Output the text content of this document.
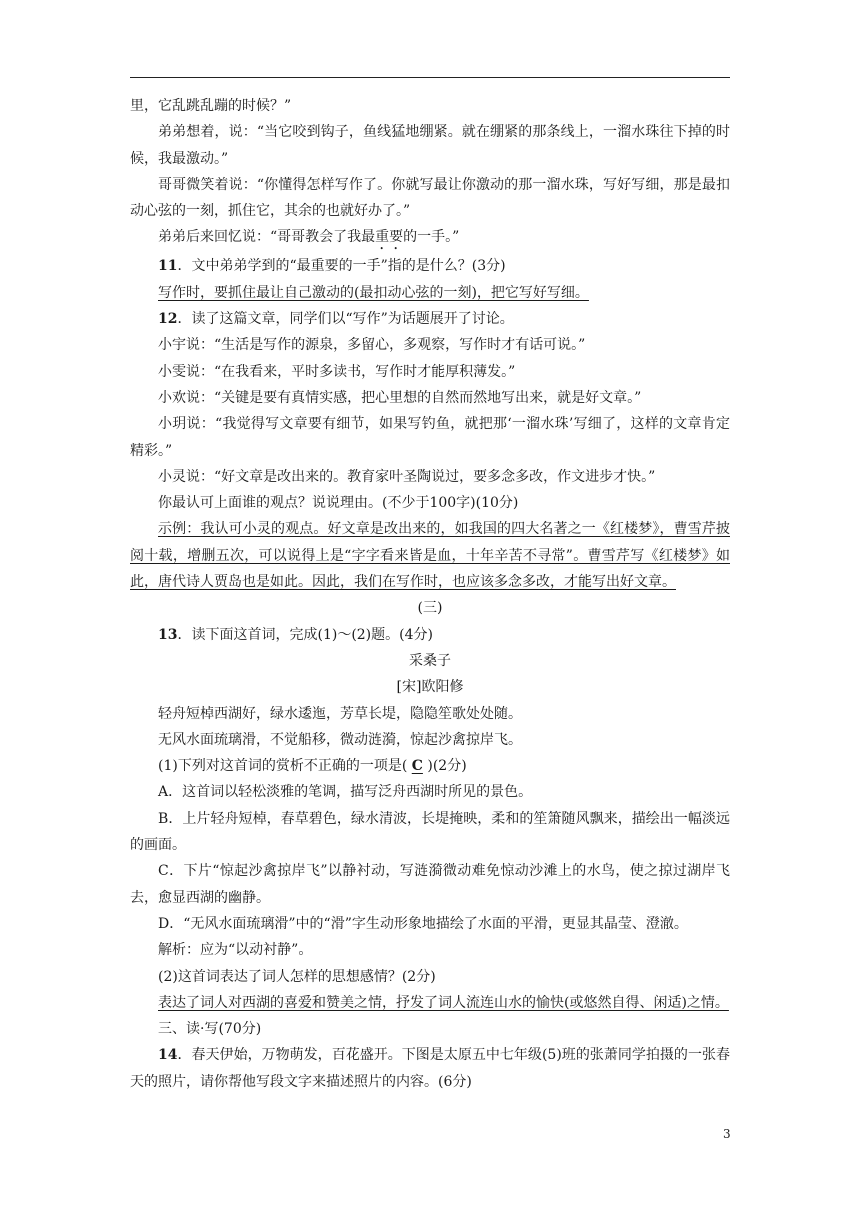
里，它乱跳乱蹦的时候？”

弟弟想着，说：“当它咬到钩子，鱼线猛地绷紧。就在绷紧的那条线上，一溜水珠往下掉的时候，我最激动。”

哥哥微笑着说：“你懂得怎样写作了。你就写最让你激动的那一溜水珠，写好写细，那是最扣动心弦的一刻，抓住它，其余的也就好办了。”

弟弟后来回忆说：“哥哥教会了我最重要的一手。”

11．文中弟弟学到的“最重要的一手”指的是什么？(3分)

写作时，要抓住最让自己激动的(最扣动心弦的一刻)，把它写好写细。

12．读了这篇文章，同学们以“写作”为话题展开了讨论。

小宇说：“生活是写作的源泉，多留心，多观察，写作时才有话可说。”

小雯说：“在我看来，平时多读书，写作时才能厚积薄发。”

小欢说：“关键是要有真情实感，把心里想的自然而然地写出来，就是好文章。”

小玥说：“我觉得写文章要有细节，如果写钓鱼，就把那‘一溜水珠’写细了，这样的文章肯定精彩。”

小灵说：“好文章是改出来的。教育家叶圣陶说过，要多念多改，作文进步才快。”

你最认可上面谁的观点？说说理由。(不少于100字)(10分)

示例：我认可小灵的观点。好文章是改出来的，如我国的四大名著之一《红楼梦》，曹雪芹披阅十载，增删五次，可以说得上是“字字看来皆是血，十年辛苦不寻常”。曹雪芹写《红楼梦》如此，唐代诗人贾岛也是如此。因此，我们在写作时，也应该多念多改，才能写出好文章。

(三)

13．读下面这首词，完成(1)～(2)题。(4分)

采桑子

[宋]欧阳修

轻舟短棹西湖好，绿水逶迤，芳草长堤，隐隐笙歌处处随。

无风水面琉璃滑，不觉船移，微动涟漪，惊起沙禽掠岸飞。

(1)下列对这首词的赏析不正确的一项是( C )(2分)

A．这首词以轻松淡雅的笔调，描写泛舟西湖时所见的景色。

B．上片轻舟短棹，春草碧色，绿水清波，长堤掩映，柔和的笙箫随风飘来，描绘出一幅淡远的画面。

C．下片“惊起沙禽掠岸飞”以静衬动，写涟漪微动难免惊动沙滩上的水鸟，使之掠过湖岸飞去，愈显西湖的幽静。

D．“无风水面琉璃滑”中的“滑”字生动形象地描绘了水面的平滑，更显其晶莹、澄澈。

解析：应为“以动衬静”。

(2)这首词表达了词人怎样的思想感情？(2分)

表达了词人对西湖的喜爱和赞美之情，抒发了词人流连山水的愉快(或悠然自得、闲适)之情。

三、读·写(70分)

14．春天伊始，万物萌发，百花盛开。下图是太原五中七年级(5)班的张萧同学拍摄的一张春天的照片，请你帮他写段文字来描述照片的内容。(6分)

3
